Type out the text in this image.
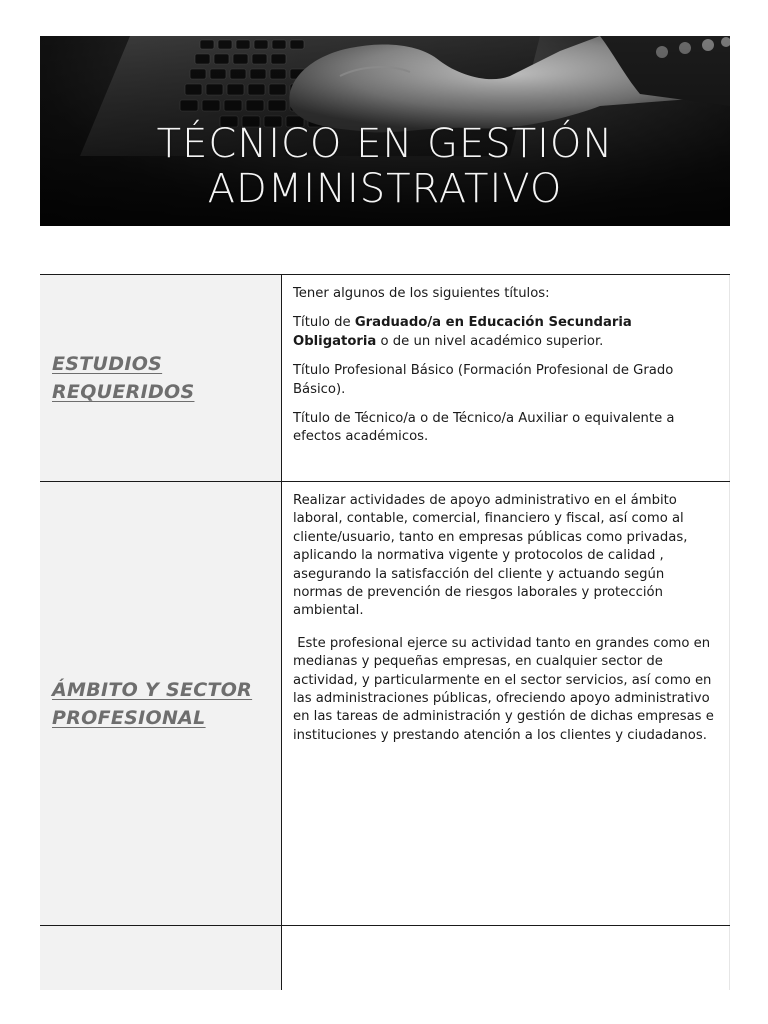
TÉCNICO EN GESTIÓN
ADMINISTRATIVO
ESTUDIOS
REQUERIDOS

Tener algunos de los siguientes títulos:

Título de Graduado/a en Educación Secundaria Obligatoria o de un nivel académico superior.

Título Profesional Básico (Formación Profesional de Grado Básico).

Título de Técnico/a o de Técnico/a Auxiliar o equivalente a efectos académicos.

ÁMBITO Y SECTOR
PROFESIONAL

Realizar actividades de apoyo administrativo en el ámbito laboral, contable, comercial, financiero y fiscal, así como al cliente/usuario, tanto en empresas públicas como privadas, aplicando la normativa vigente y protocolos de calidad , asegurando la satisfacción del cliente y actuando según normas de prevención de riesgos laborales y protección ambiental.

Este profesional ejerce su actividad tanto en grandes como en medianas y pequeñas empresas, en cualquier sector de actividad, y particularmente en el sector servicios, así como en las administraciones públicas, ofreciendo apoyo administrativo en las tareas de administración y gestión de dichas empresas e instituciones y prestando atención a los clientes y ciudadanos.
